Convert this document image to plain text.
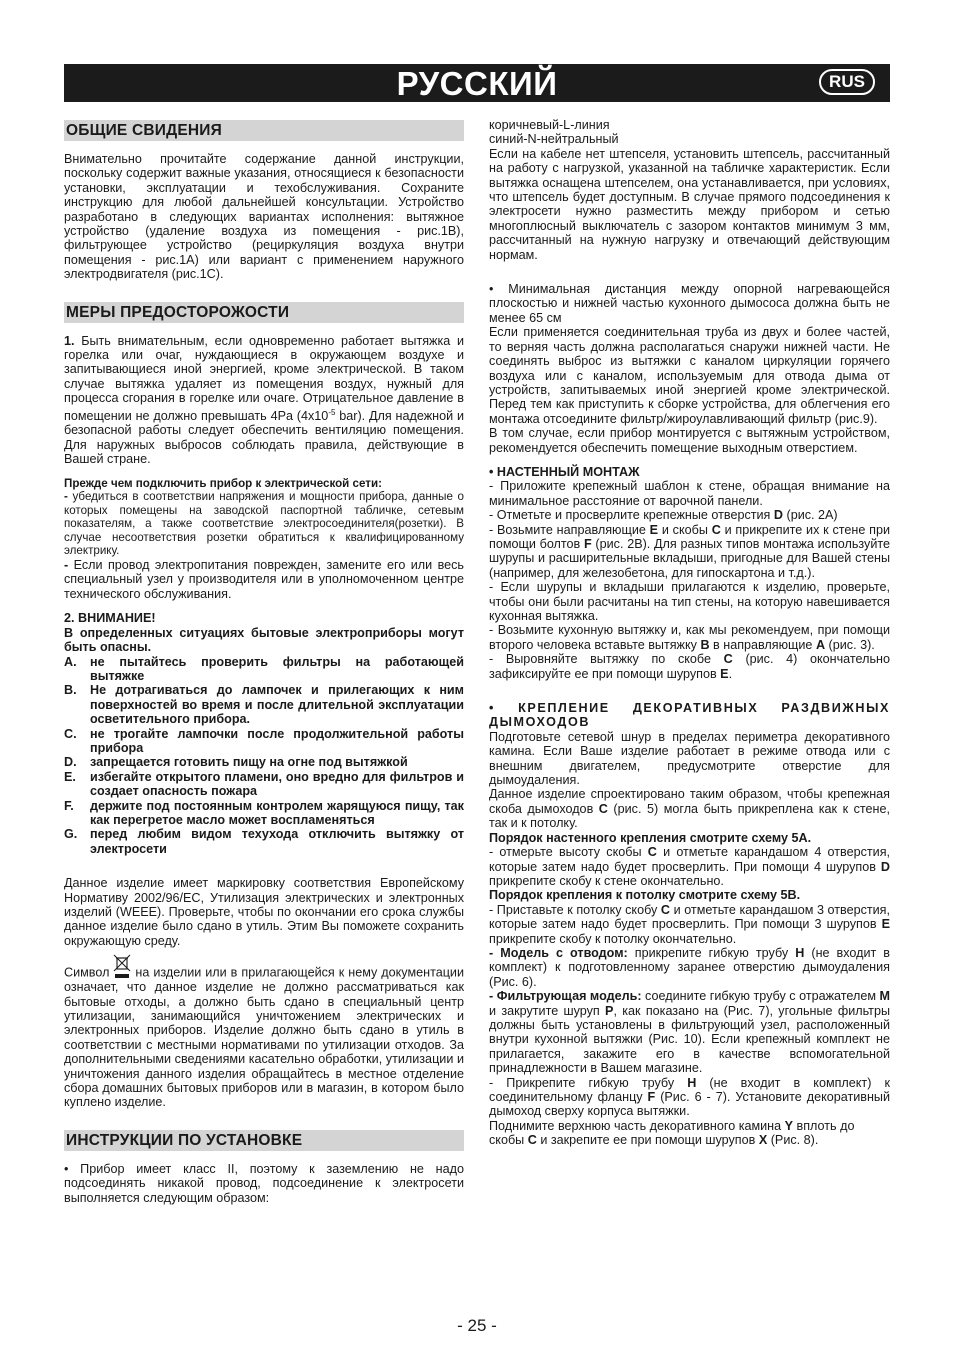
РУССКИЙ	RUS
ОБЩИЕ СВИДЕНИЯ

Внимательно прочитайте содержание данной инструкции, поскольку содержит важные указания, относящиеся к безопасности установки, эксплуатации и техобслуживания. Сохраните инструкцию для любой дальнейшей консультации. Устройство разработано в следующих вариантах исполнения: вытяжное устройство (удаление воздуха из помещения - рис.1В), фильтрующее устройство (рециркуляция воздуха внутри помещения - рис.1А) или вариант с применением наружного электродвигателя (рис.1С).

МЕРЫ ПРЕДОСТОРОЖОСТИ

1. Быть внимательным, если одновременно работает вытяжка и горелка или очаг, нуждающиеся в окружающем воздухе и запитывающиеся иной энергией, кроме электрической. В таком случае вытяжка удаляет из помещения воздух, нужный для процесса сгорания в горелке или очаге. Отрицательное давление в помещении не должно превышать 4Pa ($4x10^{-5}$ bar). Для надежной и безопасной работы следует обеспечить вентиляцию помещения. Для наружных выбросов соблюдать правила, действующие в Вашей стране.

Прежде чем подключить прибор к электрической сети:

- убедиться в соответствии напряжения и мощности прибора, данные о которых помещены на заводской паспортной табличке, сетевым показателям, а также соответствие электросоединителя(розетки). В случае несоответствия розетки обратиться к квалифицированному электрику.

- Если провод электропитания поврежден, замените его или весь специальный узел у производителя или в уполномоченном центре технического обслуживания.

2. ВНИМАНИЕ!

В определенных ситуациях бытовые электроприборы могут быть опасны.

A.	не пытайтесь проверить фильтры на работающей вытяжке
B.	Не дотрагиваться до лампочек и прилегающих к ним поверхностей во время и после длительной эксплуатации осветительного прибора.
C.	не трогайте лампочки после продолжительной работы прибора
D.	запрещается готовить пищу на огне под вытяжкой
E.	избегайте открытого пламени, оно вредно для фильтров и создает опасность пожара
F.	держите под постоянным контролем жарящуюся пищу, так как перегретое масло может воспламеняться
G.	перед любим видом техухода отключить вытяжку от электросети

Данное изделие имеет маркировку соответствия Европейскому Нормативу 2002/96/ЕС, Утилизация электрических и электронных изделий (WEEE). Проверьте, чтобы по окончании его срока службы данное изделие было сдано в утиль. Этим Вы поможете сохранить окружающую среду.

Символ  на изделии или в прилагающейся к нему документации означает, что данное изделие не должно рассматриваться как бытовые отходы, а должно быть сдано в специальный центр утилизации, занимающийся уничтожением электрических и электронных приборов. Изделие должно быть сдано в утиль в соответствии с местными нормативами по утилизации отходов. За дополнительными сведениями касательно обработки, утилизации и уничтожения данного изделия обращайтесь в местное отделение сбора домашних бытовых приборов или в магазин, в котором было куплено изделие.

ИНСТРУКЦИИ ПО УСТАНОВКЕ

• Прибор имеет класс II, поэтому к заземлению не надо подсоединять никакой провод, подсоединение к электросети выполняется следующим образом:

коричневый-L-линия

синий-N-нейтральный

Если на кабеле нет штепселя, установить штепсель, рассчитанный на работу с нагрузкой, указанной на табличке характеристик. Если вытяжка оснащена штепселем, она устанавливается, при условиях, что штепсель будет доступным. В случае прямого подсоединения к электросети нужно разместить между прибором и сетью многоплюсный выключатель с зазором контактов минимум 3 мм, рассчитанный на нужную нагрузку и отвечающий действующим нормам.

• Минимальная дистанция между опорной нагревающейся плоскостью и нижней частью кухонного дымососа должна быть не менее 65 см

Если применяется соединительная труба из двух и более частей, то верняя часть должна располагаться снаружи нижней части. Не соединять выброс из вытяжки с каналом циркуляции горячего воздуха или с каналом, используемым для отвода дыма от устройств, запитываемых иной энергией кроме электрической. Перед тем как приступить к сборке устройства, для облегчения его монтажа отсоедините фильтр/жироулавливающий фильтр (рис.9).

В том случае, если прибор монтируется с вытяжным устройством, рекомендуется обеспечить помещение выходным отверстием.

• НАСТЕННЫЙ МОНТАЖ

- Приложите крепежный шаблон к стене, обращая внимание на минимальное расстояние от варочной панели.

- Отметьте и просверлите крепежные отверстия D (рис. 2А)

- Возьмите направляющие E и скобы C и прикрепите их к стене при помощи болтов F (рис. 2В). Для разных типов монтажа используйте шурупы и расширительные вкладыши, пригодные для Вашей стены (например, для железобетона, для гипоскартона и т.д.).

- Если шурупы и вкладыши прилагаются к изделию, проверьте, чтобы они были расчитаны на тип стены, на которую навешивается кухонная вытяжка.

- Возьмите кухонную вытяжку и, как мы рекомендуем, при помощи второго человека вставьте вытяжку B в направляющие A (рис. 3).

- Выровняйте вытяжку по скобе C (рис. 4) окончательно зафиксируйте ее при помощи шурупов E.

• КРЕПЛЕНИЕ ДЕКОРАТИВНЫХ РАЗДВИЖНЫХ ДЫМОХОДОВ

Подготовьте сетевой шнур в пределах периметра декоративного камина. Если Ваше изделие работает в режиме отвода или с внешним двигателем, предусмотрите отверстие для дымоудаления.

Данное изделие спроектировано таким образом, чтобы крепежная скоба дымоходов C (рис. 5) могла быть прикреплена как к стене, так и к потолку.

Порядок настенного крепления смотрите схему 5А.

- отмерьте высоту скобы C и отметьте карандашом 4 отверстия, которые затем надо будет просверлить. При помощи 4 шурупов D прикрепите скобу к стене окончательно.

Порядок крепления к потолку смотрите схему 5В.

- Приставьте к потолку скобу C и отметьте карандашом 3 отверстия, которые затем надо будет просверлить. При помощи 3 шурупов E прикрепите скобу к потолку окончательно.

- Модель с отводом: прикрепите гибкую трубу H (не входит в комплект) к подготовленному заранее отверстию дымоудаления (Рис. 6).

- Фильтрующая модель: соедините гибкую трубу с отражателем M и закрутите шуруп P, как показано на (Рис. 7), угольные фильтры должны быть установлены в фильтрующий узел, расположенный внутри кухонной вытяжки (Рис. 10). Если крепежный комплект не прилагается, закажите его в качестве вспомогательной принадлежности в Вашем магазине.

- Прикрепите гибкую трубу H (не входит в комплект) к соединительному фланцу F (Рис. 6 - 7). Установите декоративный дымоход сверху корпуса вытяжки.

Поднимите верхнюю часть декоративного камина Y вплоть до скобы C и закрепите ее при помощи шурупов X (Рис. 8).

- 25 -
